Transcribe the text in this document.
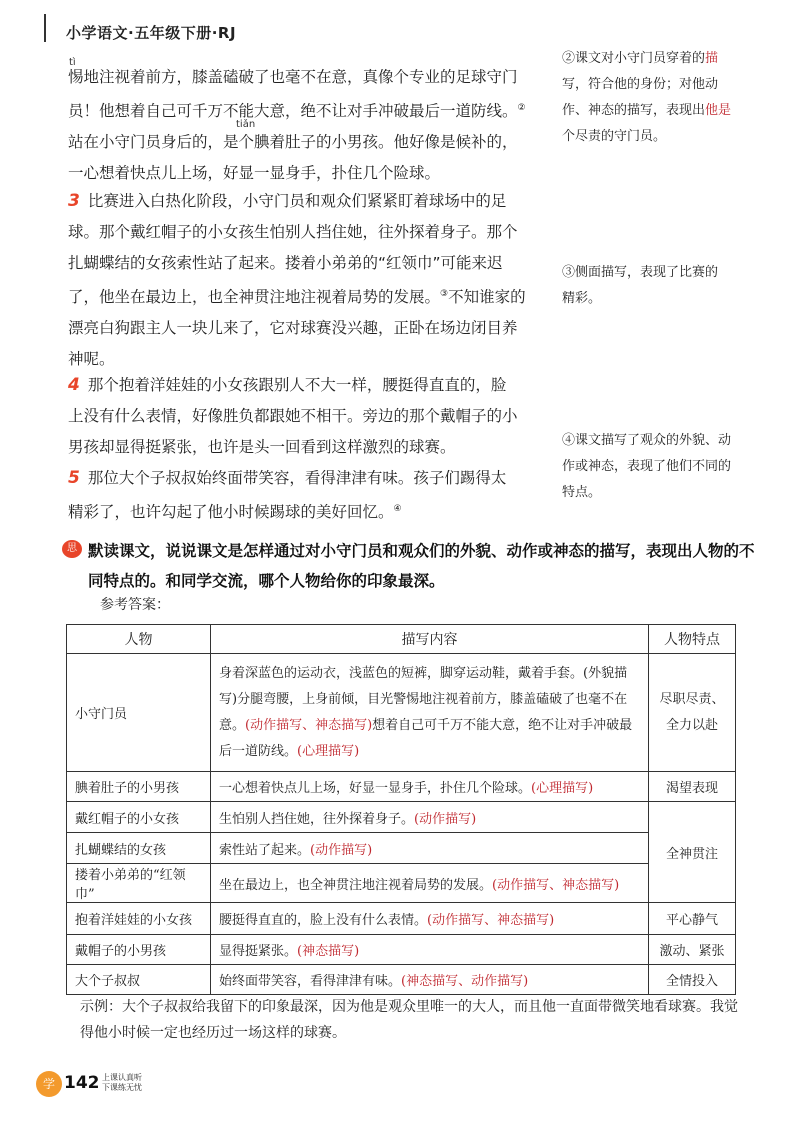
小学语文·五年级下册·RJ
tì
tiǎn
惕地注视着前方，膝盖磕破了也毫不在意，真像个专业的足球守门
员！他想着自己可千万不能大意，绝不让对手冲破最后一道防线。②
站在小守门员身后的，是个腆着肚子的小男孩。他好像是候补的，
一心想着快点儿上场，好显一显身手，扑住几个险球。
3 比赛进入白热化阶段，小守门员和观众们紧紧盯着球场中的足
球。那个戴红帽子的小女孩生怕别人挡住她，往外探着身子。那个
扎蝴蝶结的女孩索性站了起来。搂着小弟弟的“红领巾”可能来迟
了，他坐在最边上，也全神贯注地注视着局势的发展。③不知谁家的
漂亮白狗跟主人一块儿来了，它对球赛没兴趣，正卧在场边闭目养
神呢。
4 那个抱着洋娃娃的小女孩跟别人不大一样，腰挺得直直的，脸
上没有什么表情，好像胜负都跟她不相干。旁边的那个戴帽子的小
男孩却显得挺紧张，也许是头一回看到这样激烈的球赛。
5 那位大个子叔叔始终面带笑容，看得津津有味。孩子们踢得太
精彩了，也许勾起了他小时候踢球的美好回忆。④
②课文对小守门员穿着的描
写，符合他的身份；对他动
作、神态的描写，表现出他是
个尽责的守门员。
③侧面描写，表现了比赛的
精彩。
④课文描写了观众的外貌、动
作或神态，表现了他们不同的
特点。
思 默读课文，说说课文是怎样通过对小守门员和观众们的外貌、动作或神态的描写，表现出人物的不同特点的。和同学交流，哪个人物给你的印象最深。
参考答案：
人物	描写内容	人物特点
小守门员	身着深蓝色的运动衣，浅蓝色的短裤，脚穿运动鞋，戴着手套。(外貌描写)分腿弯腰，上身前倾，目光警惕地注视着前方，膝盖磕破了也毫不在意。(动作描写、神态描写)想着自己可千万不能大意，绝不让对手冲破最后一道防线。(心理描写)	尽职尽责、全力以赴
腆着肚子的小男孩	一心想着快点儿上场，好显一显身手，扑住几个险球。(心理描写)	渴望表现
戴红帽子的小女孩	生怕别人挡住她，往外探着身子。(动作描写)	全神贯注
扎蝴蝶结的女孩	索性站了起来。(动作描写)	
搂着小弟弟的“红领巾”	坐在最边上，也全神贯注地注视着局势的发展。(动作描写、神态描写)	
抱着洋娃娃的小女孩	腰挺得直直的，脸上没有什么表情。(动作描写、神态描写)	平心静气
戴帽子的小男孩	显得挺紧张。(神态描写)	激动、紧张
大个子叔叔	始终面带笑容，看得津津有味。(神态描写、动作描写)	全情投入
示例：大个子叔叔给我留下的印象最深，因为他是观众里唯一的大人，而且他一直面带微笑地看球赛。我觉得他小时候一定也经历过一场这样的球赛。
学 142 上课认真听
下课练无忧
